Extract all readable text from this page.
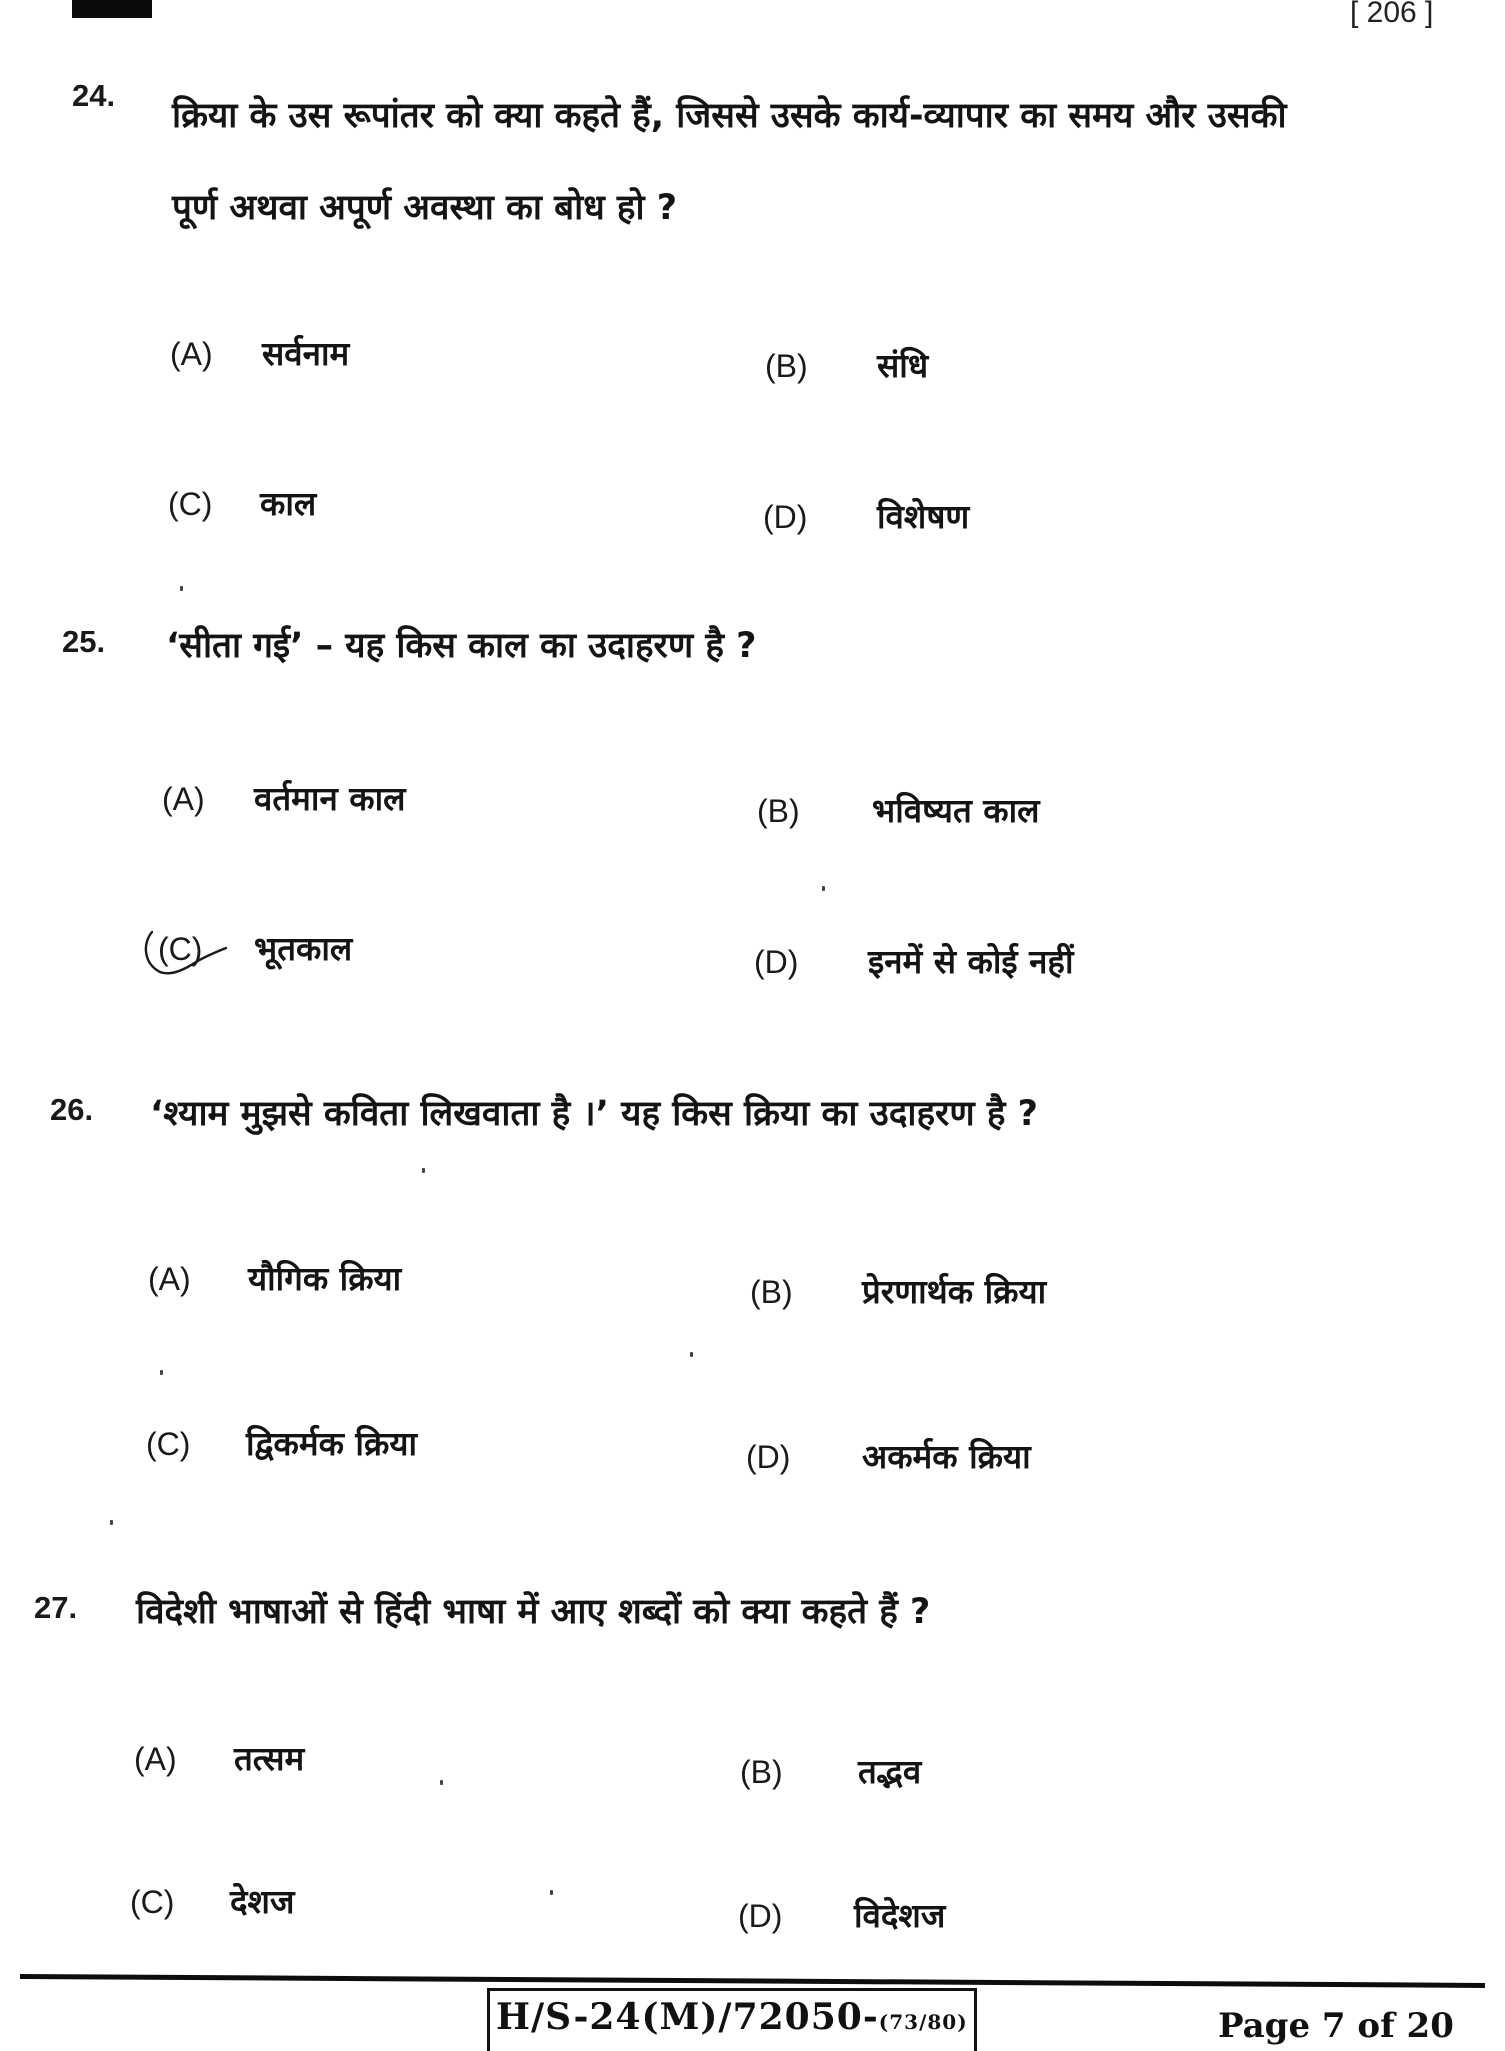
[ 206 ]
24.
क्रिया के उस रूपांतर को क्या कहते हैं, जिससे उसके कार्य-व्यापार का समय और उसकी
पूर्ण अथवा अपूर्ण अवस्था का बोध हो ?
(A)	सर्वनाम	(B)	संधि
(C)	काल	(D)	विशेषण
25. ‘सीता गई’ – यह किस काल का उदाहरण है ?
(A)	वर्तमान काल	(B)	भविष्यत काल
(C)	भूतकाल	(D)	इनमें से कोई नहीं
26. ‘श्याम मुझसे कविता लिखवाता है ।’ यह किस क्रिया का उदाहरण है ?
(A)	यौगिक क्रिया	(B)	प्रेरणार्थक क्रिया
(C)	द्विकर्मक क्रिया	(D)	अकर्मक क्रिया
27. विदेशी भाषाओं से हिंदी भाषा में आए शब्दों को क्या कहते हैं ?
(A)	तत्सम	(B)	तद्भव
(C)	देशज	(D)	विदेशज
H/S-24(M)/72050-(73/80)	Page 7 of 20
